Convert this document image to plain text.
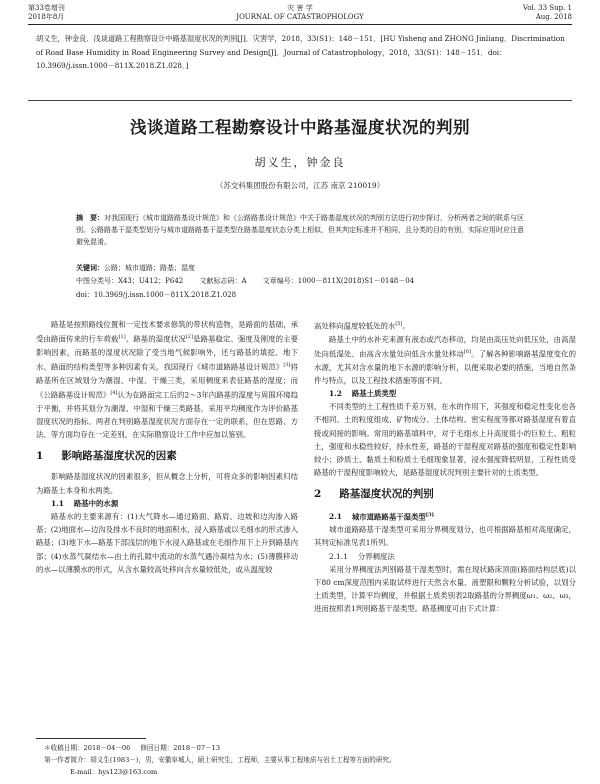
第33卷增刊
2018年8月
灾 害 学
JOURNAL OF CATASTROPHOLOGY
Vol. 33 Sup. 1
Aug. 2018
胡义生，钟金良．浅谈道路工程勘察设计中路基湿度状况的判别[J]．灾害学，2018，33(S1)：148－151．[HU Yisheng and ZHONG Jinliang．Discrimination of Road Base Humidity in Road Engineering Survey and Design[J]．Journal of Catastrophology，2018，33(S1)：148－151．doi：10.3969/j.issn.1000－811X.2018.Z1.028．]
浅谈道路工程勘察设计中路基湿度状况的判别
胡义生，钟金良
（苏交科集团股份有限公司，江苏 南京 210019）
摘　要：对我国现行《城市道路路基设计规范》和《公路路基设计规范》中关于路基湿度状况的判别方法进行初步探讨，分析两者之间的联系与区别。公路路基干湿类型划分与城市道路路基干湿类型在路基湿度状态分类上相似，但其判定标准并不相同，且分类的目的有别，实际应用时应注意避免混淆。
关键词：公路；城市道路；路基；湿度
中图分类号：X43；U412；P642 文献标志码：A 文章编号：1000－811X(2018)S1－0148－04
doi：10.3969/j.issn.1000－811X.2018.Z1.028

路基是按照路线位置和一定技术要求修筑的带状构造物，是路面的基础，承受由路面传来的行车荷载[1]。路基的湿度状况[2]是路基稳定、强度及刚度的主要影响因素，而路基的湿度状况除了受当地气候影响外，还与路基的填挖、地下水、路面的结构类型等多种因素有关。我国现行《城市道路路基设计规范》[3]将路基所在区域划分为潮湿、中湿、干燥三类，采用稠度来表征路基的湿度；而《公路路基设计规范》[4]认为在路面完工后的2～3年内路基的湿度与周围环境趋于平衡，并将其划分为潮湿、中湿和干燥三类路基，采用平均稠度作为评价路基湿度状况的指标。两者在判别路基湿度状况方面存在一定的联系，但在思路、方法、等方面均存在一定差别，在实际勘察设计工作中应加以鉴别。

1 影响路基湿度状况的因素

影响路基湿度状况的因素很多，但从概念上分析，可将众多的影响因素归结为路基土本身和水两类。

1.1 路基中的水源

路基水的主要来源有：(1)大气降水—通过路面、路肩、边坡和边沟渗入路基；(2)地面水—边沟及排水不良时的地面积水，浸入路基或以毛细水的形式渗入路基；(3)地下水—路基下部浅层的地下水浸入路基或在毛细作用下上升到路基内部；(4)水蒸气凝结水—由土的孔隙中流动的水蒸气遇冷凝结为水；(5)薄膜移动的水—以薄膜水的形式，从含水量较高处移向含水量较低处，或从温度较

高处移向温度较低处的水[5]。

路基土中的水补充来源有液态或汽态移动，均是由高压处向低压处，由高湿处向低湿处、由高含水量处向低含水量处移动[6]。了解各种影响路基湿度变化的水源，尤其对含水量的地下水源的影响分析，以便采取必要的措施，当地自然条件与特点，以及工程技术措施等面不同。

1.2 路基土质类型

不同类型的土工程性质千差万别，在水的作用下，其强度和稳定性变化也各不相同。土的粒度组成、矿物成分、土体结构、密实程度等都对路基湿度有着直接或间接的影响。常用的路基填料中，对于毛细水上升高度很小的巨粒土、粗粒土，强度和水稳性较好，持水性差，路基的干湿程度对路基的强度和稳定性影响较小；砂质土、黏质土和粉质土毛细现象显著，浸水强度降低明显，工程性质受路基的干湿程度影响较大，是路基湿度状况判别主要针对的土质类型。

2 路基湿度状况的判别

2.1 城市道路路基干湿类型[3]

城市道路路基干湿类型可采用分界稠度划分，也可根据路基相对高度确定，其判定标准见表1所列。

2.1.1 分界稠度法

采用分界稠度法判别路基干湿类型时，需在现状路床顶面(路面结构层底)以下80 cm深度范围内采取试样进行天然含水量、液塑限和颗粒分析试验，以划分土质类型，计算平均稠度，并根据土质类别表2取路基的分界稠度ω₁、ω₂、ω₃，进而按照表1判别路基干湿类型。路基稠度可由下式计算：

＊收稿日期：2018－04－06 修回日期：2018－07－13
第一作者简介：胡义生(1983－)，男，安徽阜城人，硕士研究生，工程师，主要从事工程地质与岩土工程等方面的研究。
E-mail：hys123@163.com
